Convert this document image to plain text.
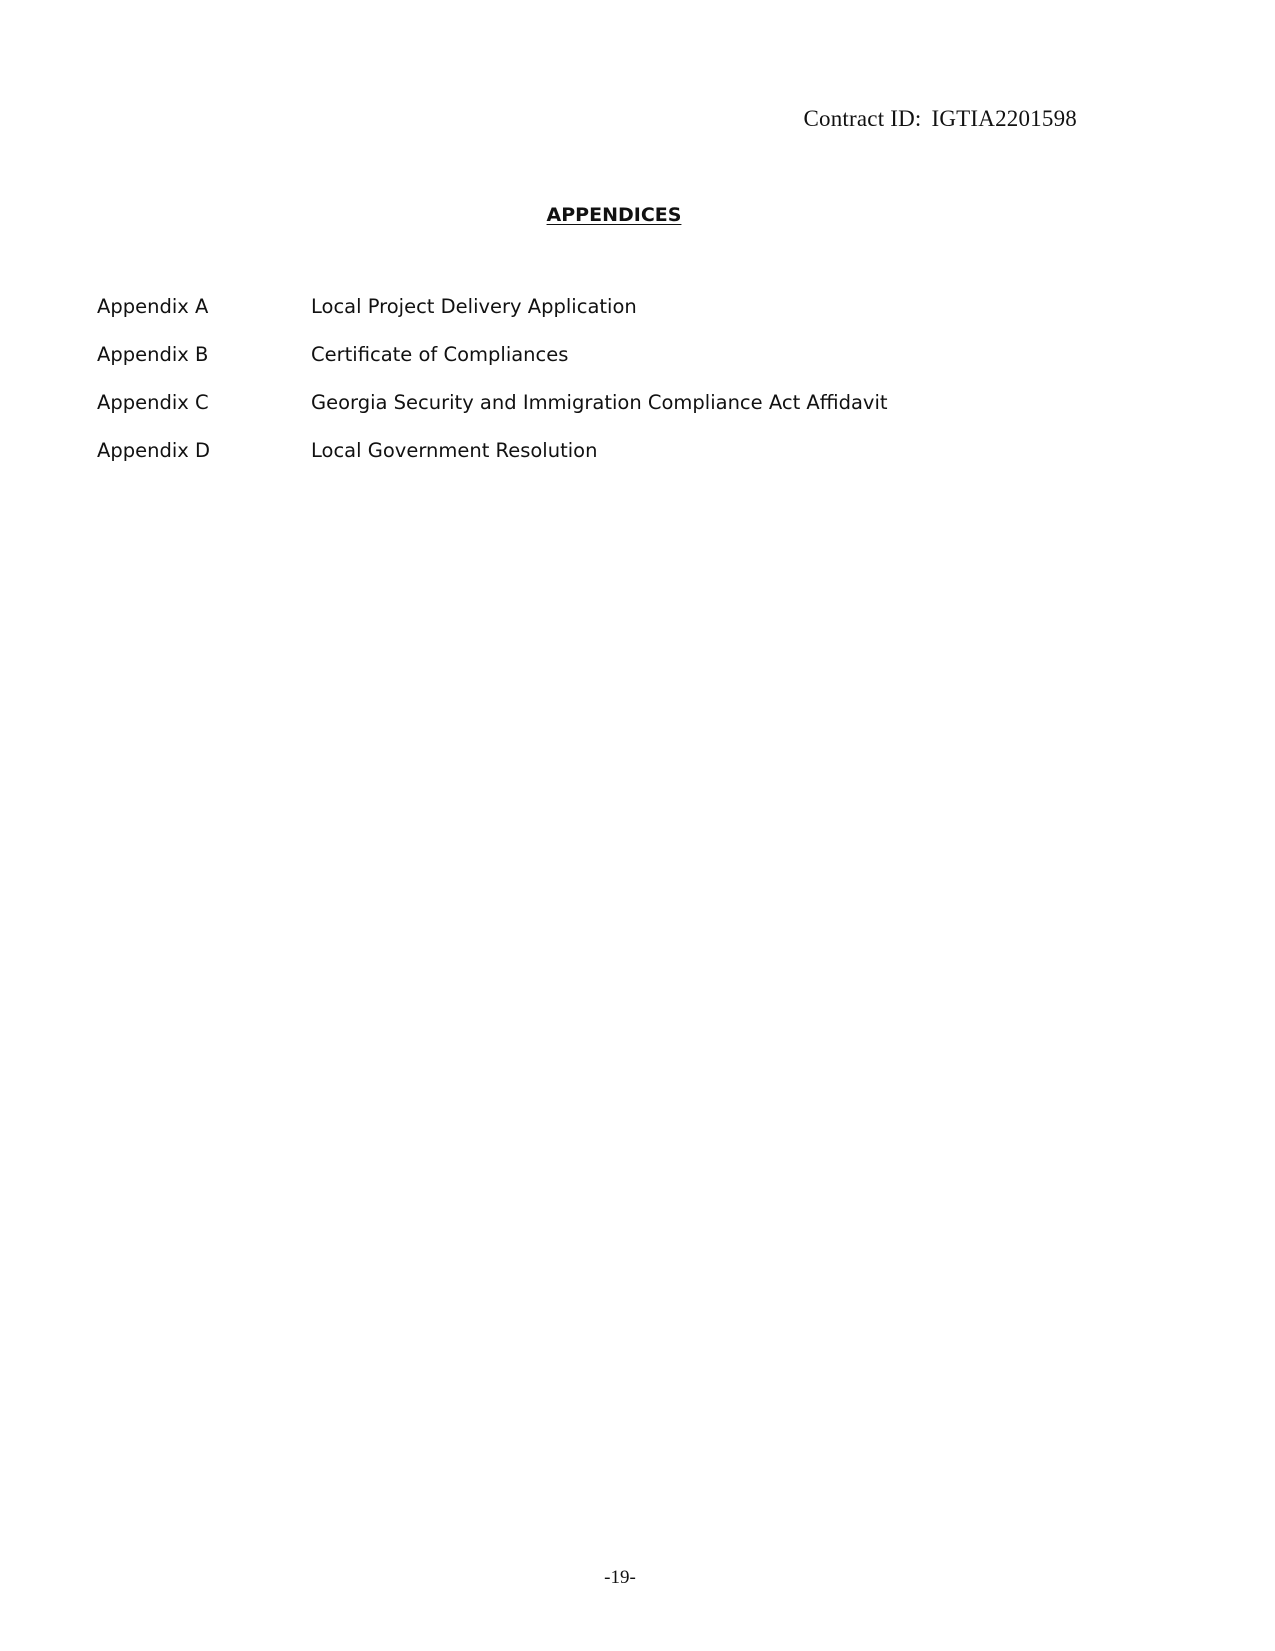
Contract ID: IGTIA2201598
APPENDICES
Appendix A	Local Project Delivery Application
Appendix B	Certificate of Compliances
Appendix C	Georgia Security and Immigration Compliance Act Affidavit
Appendix D	Local Government Resolution
-19-
